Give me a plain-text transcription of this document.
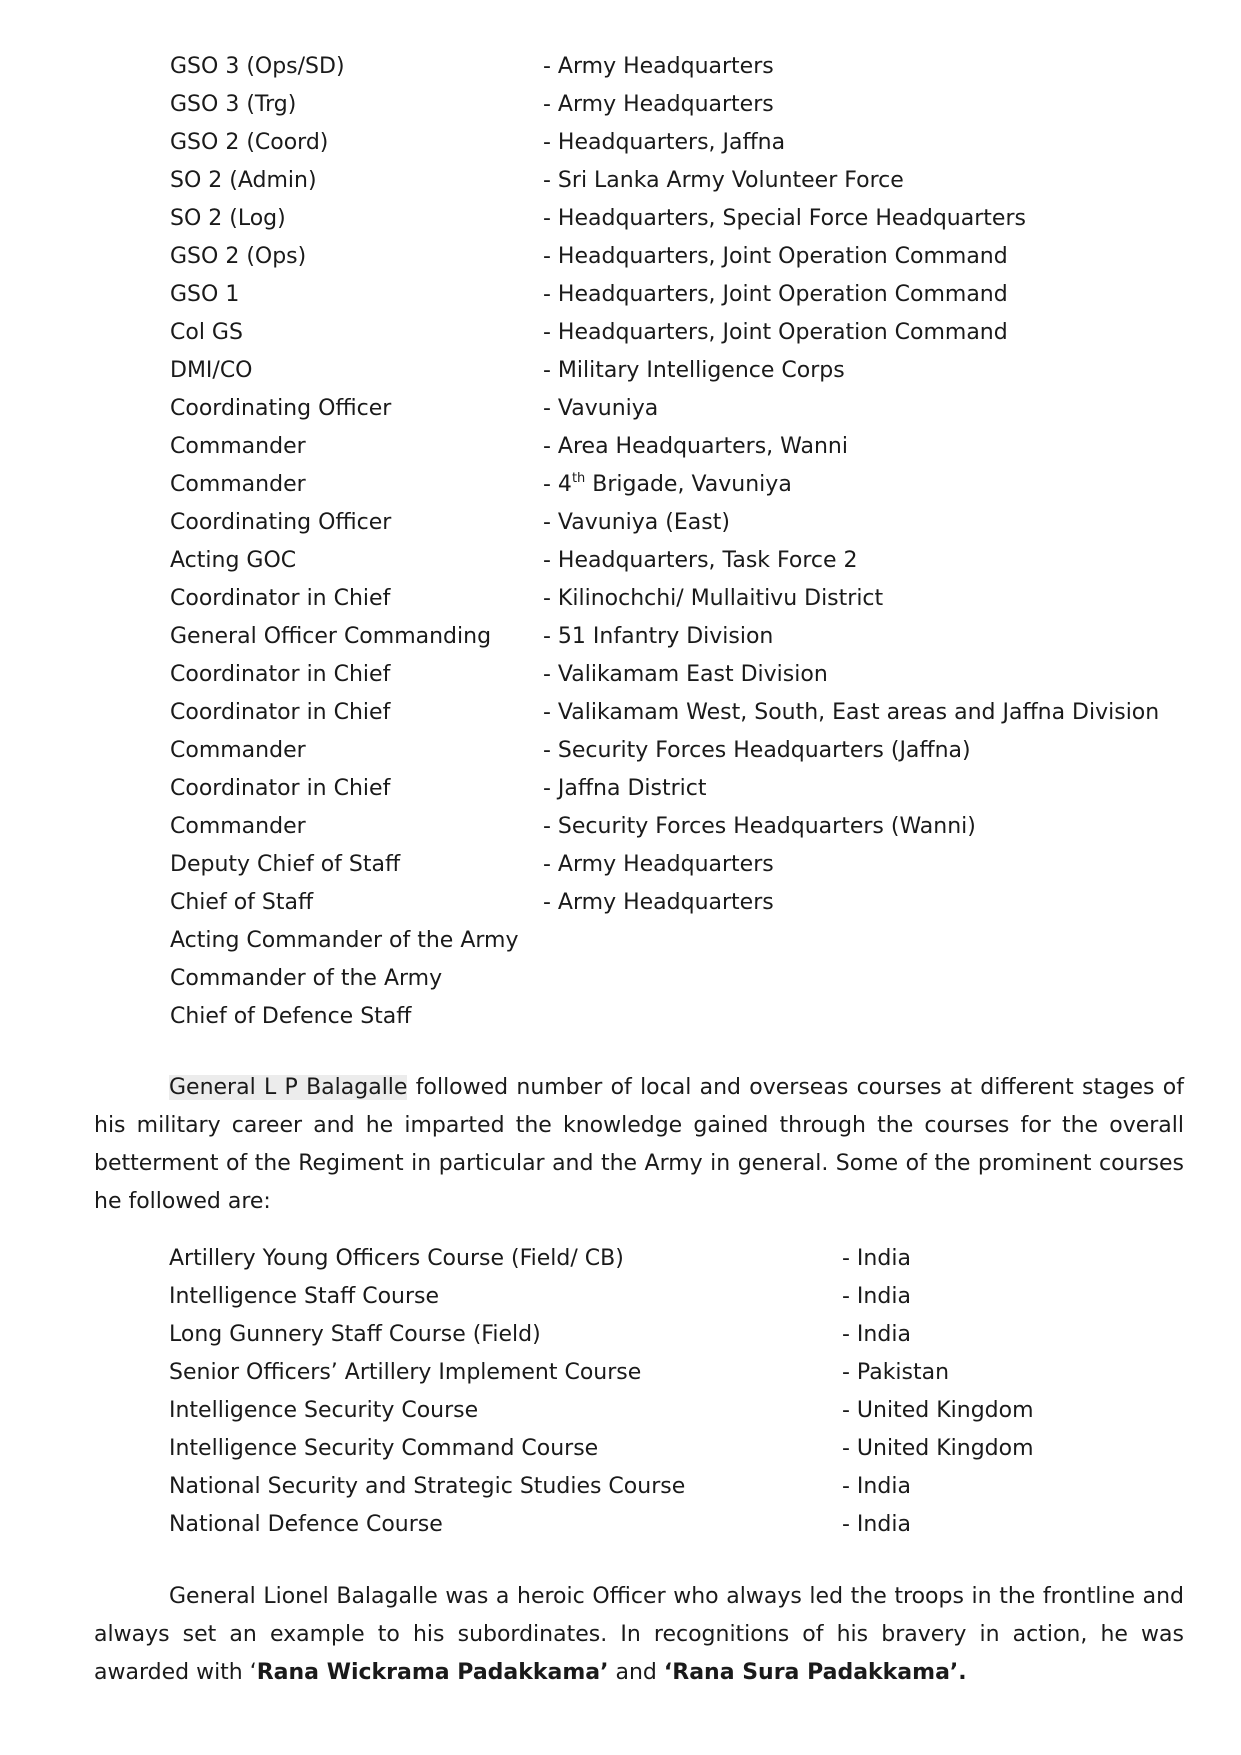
GSO 3 (Ops/SD)	- Army Headquarters
GSO 3 (Trg)	- Army Headquarters
GSO 2 (Coord)	- Headquarters, Jaffna
SO 2 (Admin)	- Sri Lanka Army Volunteer Force
SO 2 (Log)	- Headquarters, Special Force Headquarters
GSO 2 (Ops)	- Headquarters, Joint Operation Command
GSO 1	- Headquarters, Joint Operation Command
Col GS	- Headquarters, Joint Operation Command
DMI/CO	- Military Intelligence Corps
Coordinating Officer	- Vavuniya
Commander	- Area Headquarters, Wanni
Commander	- 4th Brigade, Vavuniya
Coordinating Officer	- Vavuniya (East)
Acting GOC	- Headquarters, Task Force 2
Coordinator in Chief	- Kilinochchi/ Mullaitivu District
General Officer Commanding - 51 Infantry Division
Coordinator in Chief	- Valikamam East Division
Coordinator in Chief	- Valikamam West, South, East areas and Jaffna Division
Commander	- Security Forces Headquarters (Jaffna)
Coordinator in Chief	- Jaffna District
Commander	- Security Forces Headquarters (Wanni)
Deputy Chief of Staff	- Army Headquarters
Chief of Staff	- Army Headquarters
Acting Commander of the Army
Commander of the Army
Chief of Defence Staff

General L P Balagalle followed number of local and overseas courses at different stages of his military career and he imparted the knowledge gained through the courses for the overall betterment of the Regiment in particular and the Army in general. Some of the prominent courses he followed are:

Artillery Young Officers Course (Field/ CB)	- India
Intelligence Staff Course	- India
Long Gunnery Staff Course (Field)	- India
Senior Officers’ Artillery Implement Course	- Pakistan
Intelligence Security Course	- United Kingdom
Intelligence Security Command Course	- United Kingdom
National Security and Strategic Studies Course	- India
National Defence Course	- India

General Lionel Balagalle was a heroic Officer who always led the troops in the frontline and always set an example to his subordinates. In recognitions of his bravery in action, he was awarded with ‘Rana Wickrama Padakkama’ and ‘Rana Sura Padakkama’.
